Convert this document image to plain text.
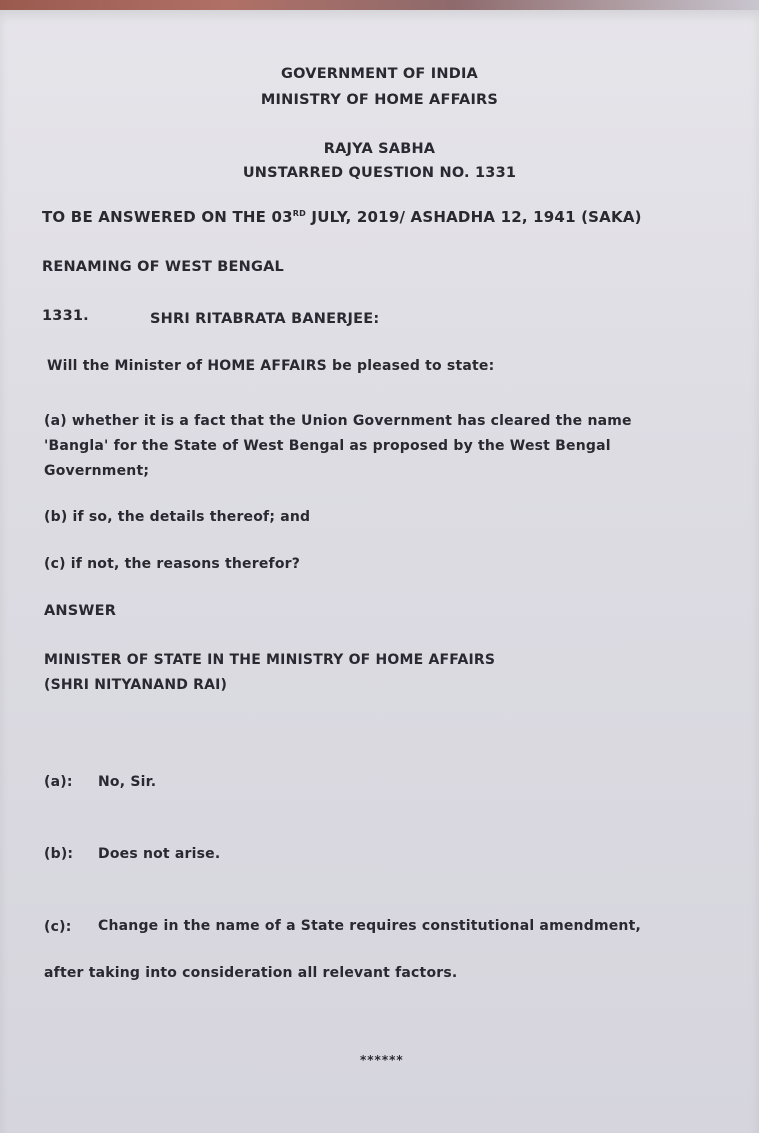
GOVERNMENT OF INDIA
MINISTRY OF HOME AFFAIRS
RAJYA SABHA
UNSTARRED QUESTION NO. 1331
TO BE ANSWERED ON THE 03RD JULY, 2019/ ASHADHA 12, 1941 (SAKA)
RENAMING OF WEST BENGAL
1331.	SHRI RITABRATA BANERJEE:
Will the Minister of HOME AFFAIRS be pleased to state:
(a) whether it is a fact that the Union Government has cleared the name
'Bangla' for the State of West Bengal as proposed by the West Bengal
Government;
(b) if so, the details thereof; and
(c) if not, the reasons therefor?
ANSWER
MINISTER OF STATE IN THE MINISTRY OF HOME AFFAIRS
(SHRI NITYANAND RAI)
(a): No, Sir.
(b): Does not arise.
(c): Change in the name of a State requires constitutional amendment,
after taking into consideration all relevant factors.
******
